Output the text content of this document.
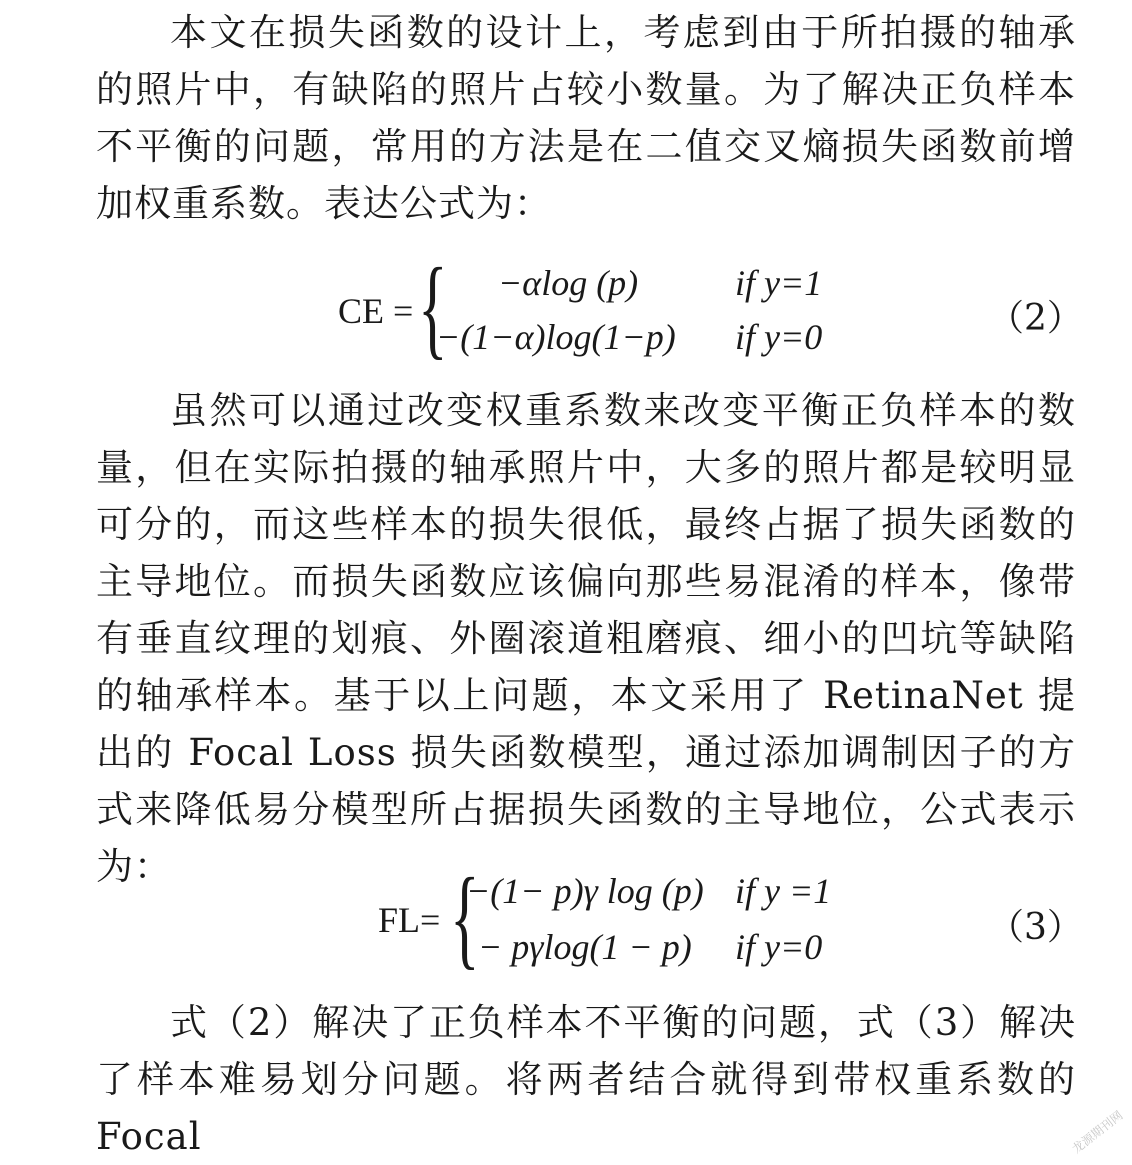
本文在损失函数的设计上，考虑到由于所拍摄的轴承的照片中，有缺陷的照片占较小数量。为了解决正负样本不平衡的问题，常用的方法是在二值交叉熵损失函数前增加权重系数。表达公式为：

CE = { −αlog (p)	if y=1
−(1−α)log(1−p) if y=0	（2）

虽然可以通过改变权重系数来改变平衡正负样本的数量，但在实际拍摄的轴承照片中，大多的照片都是较明显可分的，而这些样本的损失很低，最终占据了损失函数的主导地位。而损失函数应该偏向那些易混淆的样本，像带有垂直纹理的划痕、外圈滚道粗磨痕、细小的凹坑等缺陷的轴承样本。基于以上问题，本文采用了 RetinaNet 提出的 Focal Loss 损失函数模型，通过添加调制因子的方式来降低易分模型所占据损失函数的主导地位，公式表示为：

FL= {
−(1− p)γ log (p) if y =1
− pγlog(1 − p) if y=0	（3）

式（2）解决了正负样本不平衡的问题，式（3）解决了样本难易划分问题。将两者结合就得到带权重系数的 Focal	龙源期刊网
